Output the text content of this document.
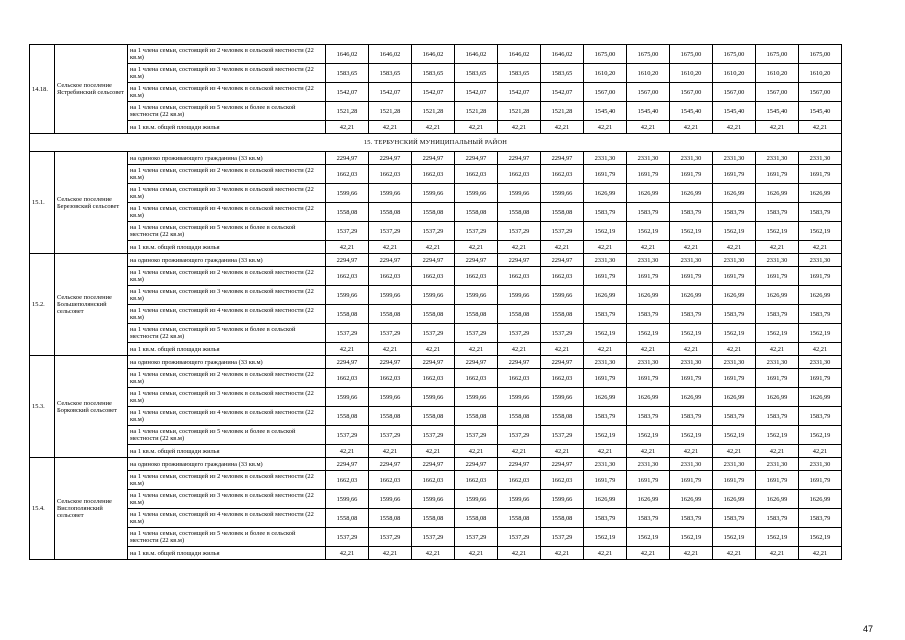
14.18.	Сельское поселение Ястребинский сельсовет	на 1 члена семьи, состоящей из 2 человек в сельской местности (22 кв.м)	1646,02	1646,02	1646,02	1646,02	1646,02	1646,02	1675,00	1675,00	1675,00	1675,00	1675,00	1675,00
		на 1 члена семьи, состоящей из 3 человек в сельской местности (22 кв.м)	1583,65	1583,65	1583,65	1583,65	1583,65	1583,65	1610,20	1610,20	1610,20	1610,20	1610,20	1610,20
		на 1 члена семьи, состоящей из 4 человек в сельской местности (22 кв.м)	1542,07	1542,07	1542,07	1542,07	1542,07	1542,07	1567,00	1567,00	1567,00	1567,00	1567,00	1567,00
		на 1 члена семьи, состоящей из 5 человек и более в сельской местности (22 кв.м)	1521,28	1521,28	1521,28	1521,28	1521,28	1521,28	1545,40	1545,40	1545,40	1545,40	1545,40	1545,40
		на 1 кв.м. общей площади жилья	42,21	42,21	42,21	42,21	42,21	42,21	42,21	42,21	42,21	42,21	42,21	42,21
15. ТЕРБУНСКИЙ МУНИЦИПАЛЬНЫЙ РАЙОН														
15.1.	Сельское поселение Березовский сельсовет	на одиноко проживающего гражданина (33 кв.м)	2294,97	2294,97	2294,97	2294,97	2294,97	2294,97	2331,30	2331,30	2331,30	2331,30	2331,30	2331,30
		на 1 члена семьи, состоящей из 2 человек в сельской местности (22 кв.м)	1662,03	1662,03	1662,03	1662,03	1662,03	1662,03	1691,79	1691,79	1691,79	1691,79	1691,79	1691,79
		на 1 члена семьи, состоящей из 3 человек в сельской местности (22 кв.м)	1599,66	1599,66	1599,66	1599,66	1599,66	1599,66	1626,99	1626,99	1626,99	1626,99	1626,99	1626,99
		на 1 члена семьи, состоящей из 4 человек в сельской местности (22 кв.м)	1558,08	1558,08	1558,08	1558,08	1558,08	1558,08	1583,79	1583,79	1583,79	1583,79	1583,79	1583,79
		на 1 члена семьи, состоящей из 5 человек и более в сельской местности (22 кв.м)	1537,29	1537,29	1537,29	1537,29	1537,29	1537,29	1562,19	1562,19	1562,19	1562,19	1562,19	1562,19
		на 1 кв.м. общей площади жилья	42,21	42,21	42,21	42,21	42,21	42,21	42,21	42,21	42,21	42,21	42,21	42,21
15.2.	Сельское поселение Большеполянский сельсовет	на одиноко проживающего гражданина (33 кв.м)	2294,97	2294,97	2294,97	2294,97	2294,97	2294,97	2331,30	2331,30	2331,30	2331,30	2331,30	2331,30
		на 1 члена семьи, состоящей из 2 человек в сельской местности (22 кв.м)	1662,03	1662,03	1662,03	1662,03	1662,03	1662,03	1691,79	1691,79	1691,79	1691,79	1691,79	1691,79
		на 1 члена семьи, состоящей из 3 человек в сельской местности (22 кв.м)	1599,66	1599,66	1599,66	1599,66	1599,66	1599,66	1626,99	1626,99	1626,99	1626,99	1626,99	1626,99
		на 1 члена семьи, состоящей из 4 человек в сельской местности (22 кв.м)	1558,08	1558,08	1558,08	1558,08	1558,08	1558,08	1583,79	1583,79	1583,79	1583,79	1583,79	1583,79
		на 1 члена семьи, состоящей из 5 человек и более в сельской местности (22 кв.м)	1537,29	1537,29	1537,29	1537,29	1537,29	1537,29	1562,19	1562,19	1562,19	1562,19	1562,19	1562,19
		на 1 кв.м. общей площади жилья	42,21	42,21	42,21	42,21	42,21	42,21	42,21	42,21	42,21	42,21	42,21	42,21
15.3.	Сельское поселение Борковский сельсовет	на одиноко проживающего гражданина (33 кв.м)	2294,97	2294,97	2294,97	2294,97	2294,97	2294,97	2331,30	2331,30	2331,30	2331,30	2331,30	2331,30
		на 1 члена семьи, состоящей из 2 человек в сельской местности (22 кв.м)	1662,03	1662,03	1662,03	1662,03	1662,03	1662,03	1691,79	1691,79	1691,79	1691,79	1691,79	1691,79
		на 1 члена семьи, состоящей из 3 человек в сельской местности (22 кв.м)	1599,66	1599,66	1599,66	1599,66	1599,66	1599,66	1626,99	1626,99	1626,99	1626,99	1626,99	1626,99
		на 1 члена семьи, состоящей из 4 человек в сельской местности (22 кв.м)	1558,08	1558,08	1558,08	1558,08	1558,08	1558,08	1583,79	1583,79	1583,79	1583,79	1583,79	1583,79
		на 1 члена семьи, состоящей из 5 человек и более в сельской местности (22 кв.м)	1537,29	1537,29	1537,29	1537,29	1537,29	1537,29	1562,19	1562,19	1562,19	1562,19	1562,19	1562,19
		на 1 кв.м. общей площади жилья	42,21	42,21	42,21	42,21	42,21	42,21	42,21	42,21	42,21	42,21	42,21	42,21
15.4.	Сельское поселение Вислополянский сельсовет	на одиноко проживающего гражданина (33 кв.м)	2294,97	2294,97	2294,97	2294,97	2294,97	2294,97	2331,30	2331,30	2331,30	2331,30	2331,30	2331,30
		на 1 члена семьи, состоящей из 2 человек в сельской местности (22 кв.м)	1662,03	1662,03	1662,03	1662,03	1662,03	1662,03	1691,79	1691,79	1691,79	1691,79	1691,79	1691,79
		на 1 члена семьи, состоящей из 3 человек в сельской местности (22 кв.м)	1599,66	1599,66	1599,66	1599,66	1599,66	1599,66	1626,99	1626,99	1626,99	1626,99	1626,99	1626,99
		на 1 члена семьи, состоящей из 4 человек в сельской местности (22 кв.м)	1558,08	1558,08	1558,08	1558,08	1558,08	1558,08	1583,79	1583,79	1583,79	1583,79	1583,79	1583,79
		на 1 члена семьи, состоящей из 5 человек и более в сельской местности (22 кв.м)	1537,29	1537,29	1537,29	1537,29	1537,29	1537,29	1562,19	1562,19	1562,19	1562,19	1562,19	1562,19
		на 1 кв.м. общей площади жилья	42,21	42,21	42,21	42,21	42,21	42,21	42,21	42,21	42,21	42,21	42,21	42,21
47
